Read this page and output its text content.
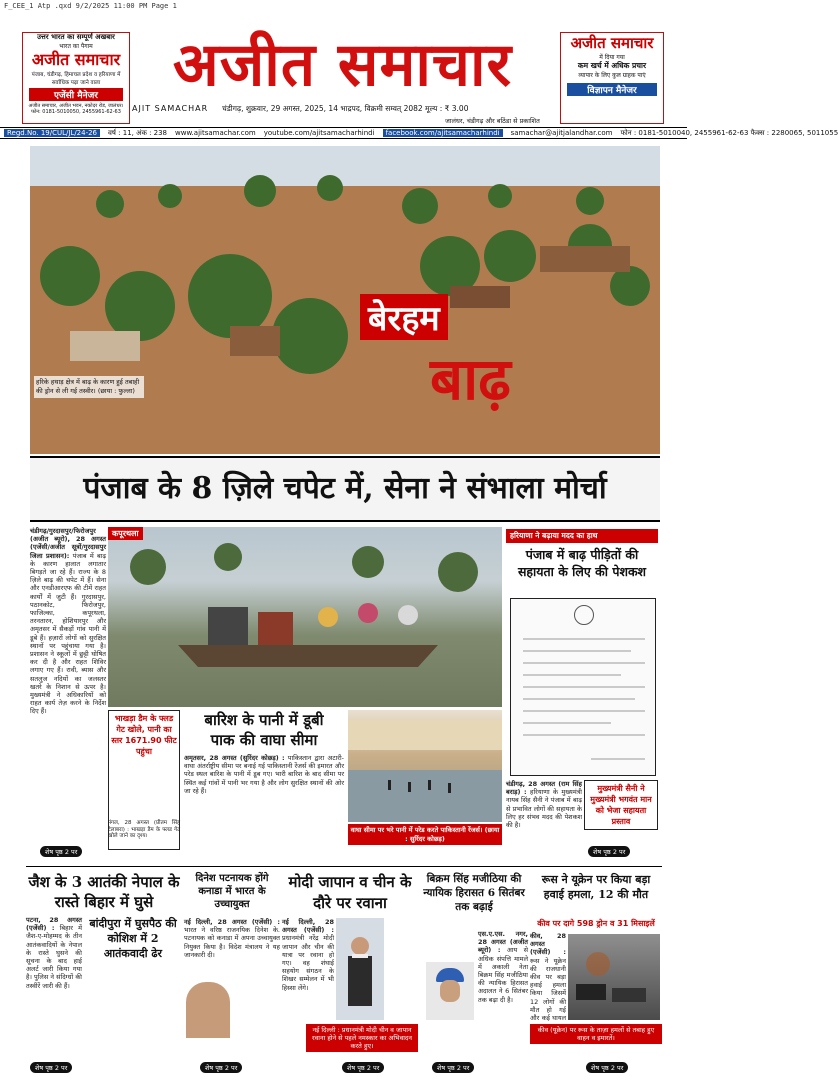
F_CEE_1 Atp .qxd 9/2/2025 11:00 PM Page 1
उत्तर भारत का सम्पूर्ण अखबार
भारत का पैगाम
अजीत समाचार
पंजाब, चंडीगढ़, हिमाचल प्रदेश व हरियाणा में
सर्वाधिक पढ़ा जाने वाला
एजेंसी मैनेजर
अजीत समाचार, अजीत भवन, नकोदर रोड, जालंधर। फोन: 0181-5010050, 2455961-62-63
अजीत समाचार
AJIT SAMACHAR चंडीगढ़, शुक्रवार, 29 अगस्त, 2025, 14 भाद्रपद, विक्रमी सम्वत् 2082 मूल्य : ₹ 3.00
जालंधर, चंडीगढ़ और बठिंडा से प्रकाशित
अजीत समाचार
में दिया गया
कम खर्च में अधिक प्रचार
व्यापार के लिए कुल ग्राहक पाएं
विज्ञापन मैनेजर
Regd.No. 19/CUL/JL/24-26	वर्ष : 11, अंक : 238 www.ajitsamachar.com youtube.com/ajitsamacharhindi	facebook.com/ajitsamacharhindi	samachar@ajitjalandhar.com फोन : 0181-5010040, 2455961-62-63 फैक्स : 2280065, 5011055
बेरहम
बाढ़
हरिके हथाड़ क्षेत्र में बाढ़ के कारण हुई तबाही की ड्रोन से ली गई तस्वीर। (छाया : फुल्ला)
पंजाब के 8 ज़िले चपेट में, सेना ने संभाला मोर्चा
चंडीगढ़/गुरदासपुर/फिरोजपुर (अजीत ब्यूरो), 28 अगस्त (एजेंसी/अजीत सूत्रों/गुरदासपुर जिला प्रशासन): पंजाब में बाढ़ के कारण हालात लगातार बिगड़ते जा रहे हैं। राज्य के 8 ज़िले बाढ़ की चपेट में हैं। सेना और एनडीआरएफ की टीमें राहत कार्यों में जुटी हैं। गुरदासपुर, पठानकोट, फिरोजपुर, फाजिल्का, कपूरथला, तरनतारन, होशियारपुर और अमृतसर में सैकड़ों गांव पानी में डूबे हैं। हज़ारों लोगों को सुरक्षित स्थानों पर पहुंचाया गया है। प्रशासन ने स्कूलों में छुट्टी घोषित कर दी है और राहत शिविर लगाए गए हैं। रावी, ब्यास और सतलुज नदियों का जलस्तर खतरे के निशान से ऊपर है। मुख्यमंत्री ने अधिकारियों को राहत कार्य तेज़ करने के निर्देश दिए हैं।
शेष पृष्ठ 2 पर
कपूरथला
भाखड़ा डैम के फ्लड गेट खोले, पानी का स्तर 1671.90 फीट पहुंचा
नंगल, 28 अगस्त (प्रीतम सिंह टेलाबरा) : भाखड़ा डैम के फ्लड गेट खोले जाने का दृश्य।
बारिश के पानी में डूबी
पाक की वाघा सीमा
अमृतसर, 28 अगस्त (सुरिंदर कोछड़) : पाकिस्तान द्वारा अटारी-वाघा अंतर्राष्ट्रीय सीमा पर बनाई गई पाकिस्तानी रेंजर्स की इमारत और परेड स्थल बारिश के पानी में डूब गए। भारी बारिश के बाद सीमा पर स्थित कई गांवों में पानी भर गया है और लोग सुरक्षित स्थानों की ओर जा रहे हैं।
वाघा सीमा पर भरे पानी में परेड करते पाकिस्तानी रेंजर्स। (छाया : सुरिंदर कोछड़)
हरियाणा ने बढ़ाया मदद का हाथ
पंजाब में बाढ़ पीड़ितों की सहायता के लिए की पेशकश
चंडीगढ़, 28 अगस्त (राम सिंह बराड़) : हरियाणा के मुख्यमंत्री नायब सिंह सैनी ने पंजाब में बाढ़ से प्रभावित लोगों की सहायता के लिए हर संभव मदद की पेशकश की है।
मुख्यमंत्री सैनी ने मुख्यमंत्री भगवंत मान को भेजा सहायता प्रस्ताव
शेष पृष्ठ 2 पर
जैश के 3 आतंकी नेपाल के रास्ते बिहार में घुसे
बांदीपुरा में घुसपैठ की कोशिश में 2 आतंकवादी ढेर
पटना, 28 अगस्त (एजेंसी) : बिहार में जैश-ए-मोहम्मद के तीन आतंकवादियों के नेपाल के रास्ते घुसने की सूचना के बाद हाई अलर्ट जारी किया गया है। पुलिस ने संदिग्धों की तस्वीरें जारी की हैं।
शेष पृष्ठ 2 पर
दिनेश पटनायक होंगे कनाडा में भारत के उच्चायुक्त
नई दिल्ली, 28 अगस्त (एजेंसी) : भारत ने वरिष्ठ राजनयिक दिनेश के. पटनायक को कनाडा में अपना उच्चायुक्त नियुक्त किया है। विदेश मंत्रालय ने यह जानकारी दी।
शेष पृष्ठ 2 पर
मोदी जापान व चीन के दौरे पर रवाना
नई दिल्ली, 28 अगस्त (एजेंसी) : प्रधानमंत्री नरेंद्र मोदी जापान और चीन की यात्रा पर रवाना हो गए। वह शंघाई सहयोग संगठन के शिखर सम्मेलन में भी हिस्सा लेंगे।
नई दिल्ली : प्रधानमंत्री मोदी चीन व जापान रवाना होने से पहले नमस्कार का अभिवादन करते हुए।
शेष पृष्ठ 2 पर
बिक्रम सिंह मजीठिया की न्यायिक हिरासत 6 सितंबर तक बढ़ाई
एस.ए.एस. नगर, 28 अगस्त (अजीत ब्यूरो) : आय से अधिक संपत्ति मामले में अकाली नेता बिक्रम सिंह मजीठिया की न्यायिक हिरासत अदालत ने 6 सितंबर तक बढ़ा दी है।
शेष पृष्ठ 2 पर
रूस ने यूक्रेन पर किया बड़ा हवाई हमला, 12 की मौत
कीव पर दागे 598 ड्रोन व 31 मिसाइलें
कीव, 28 अगस्त (एजेंसी) : रूस ने यूक्रेन की राजधानी कीव पर बड़ा हवाई हमला किया जिसमें 12 लोगों की मौत हो गई और कई घायल
कीव (यूक्रेन) पर रूस के ताज़ा हमलों से तबाह हुए वाहन व इमारतें।
शेष पृष्ठ 2 पर
